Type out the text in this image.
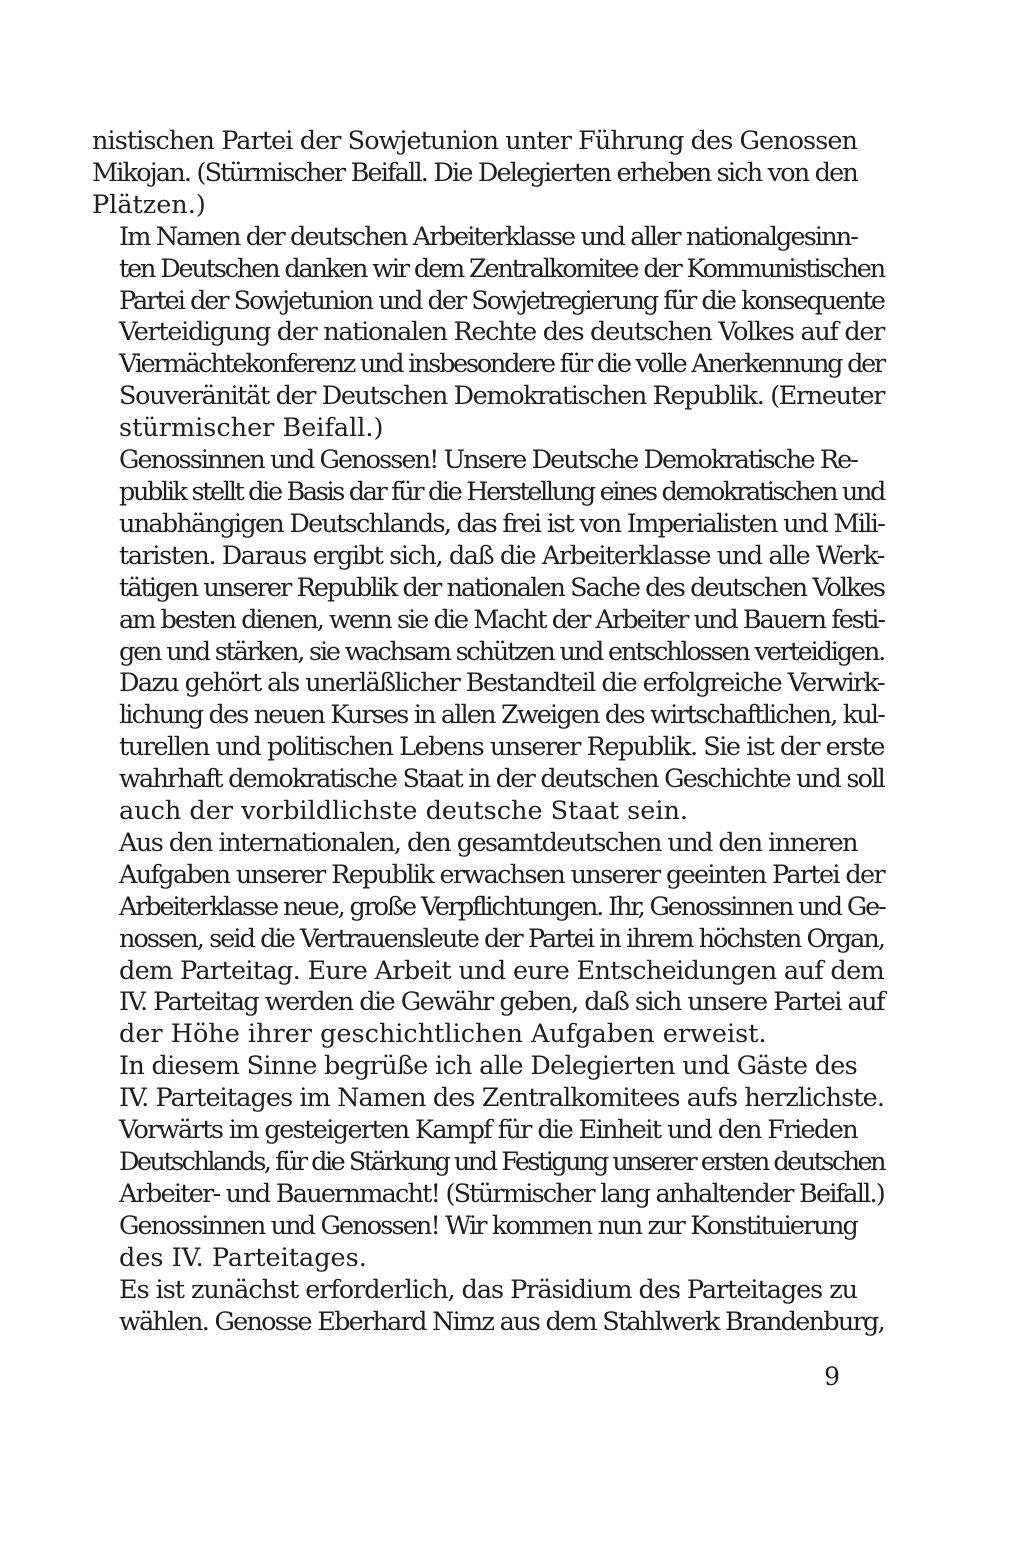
nistischen Partei der Sowjetunion unter Führung des Genossen
Mikojan. (Stürmischer Beifall. Die Delegierten erheben sich von den
Plätzen.)

Im Namen der deutschen Arbeiterklasse und aller nationalgesinn-
ten Deutschen danken wir dem Zentralkomitee der Kommunistischen
Partei der Sowjetunion und der Sowjetregierung für die konsequente
Verteidigung der nationalen Rechte des deutschen Volkes auf der
Viermächtekonferenz und insbesondere für die volle Anerkennung der
Souveränität der Deutschen Demokratischen Republik. (Erneuter
stürmischer Beifall.)

Genossinnen und Genossen! Unsere Deutsche Demokratische Re-
publik stellt die Basis dar für die Herstellung eines demokratischen und
unabhängigen Deutschlands, das frei ist von Imperialisten und Mili-
taristen. Daraus ergibt sich, daß die Arbeiterklasse und alle Werk-
tätigen unserer Republik der nationalen Sache des deutschen Volkes
am besten dienen, wenn sie die Macht der Arbeiter und Bauern festi-
gen und stärken, sie wachsam schützen und entschlossen verteidigen.
Dazu gehört als unerläßlicher Bestandteil die erfolgreiche Verwirk-
lichung des neuen Kurses in allen Zweigen des wirtschaftlichen, kul-
turellen und politischen Lebens unserer Republik. Sie ist der erste
wahrhaft demokratische Staat in der deutschen Geschichte und soll
auch der vorbildlichste deutsche Staat sein.

Aus den internationalen, den gesamtdeutschen und den inneren
Aufgaben unserer Republik erwachsen unserer geeinten Partei der
Arbeiterklasse neue, große Verpflichtungen. Ihr, Genossinnen und Ge-
nossen, seid die Vertrauensleute der Partei in ihrem höchsten Organ,
dem Parteitag. Eure Arbeit und eure Entscheidungen auf dem
IV. Parteitag werden die Gewähr geben, daß sich unsere Partei auf
der Höhe ihrer geschichtlichen Aufgaben erweist.

In diesem Sinne begrüße ich alle Delegierten und Gäste des
IV. Parteitages im Namen des Zentralkomitees aufs herzlichste.

Vorwärts im gesteigerten Kampf für die Einheit und den Frieden
Deutschlands, für die Stärkung und Festigung unserer ersten deutschen
Arbeiter- und Bauernmacht! (Stürmischer lang anhaltender Beifall.)

Genossinnen und Genossen! Wir kommen nun zur Konstituierung
des IV. Parteitages.

Es ist zunächst erforderlich, das Präsidium des Parteitages zu
wählen. Genosse Eberhard Nimz aus dem Stahlwerk Brandenburg,

9
